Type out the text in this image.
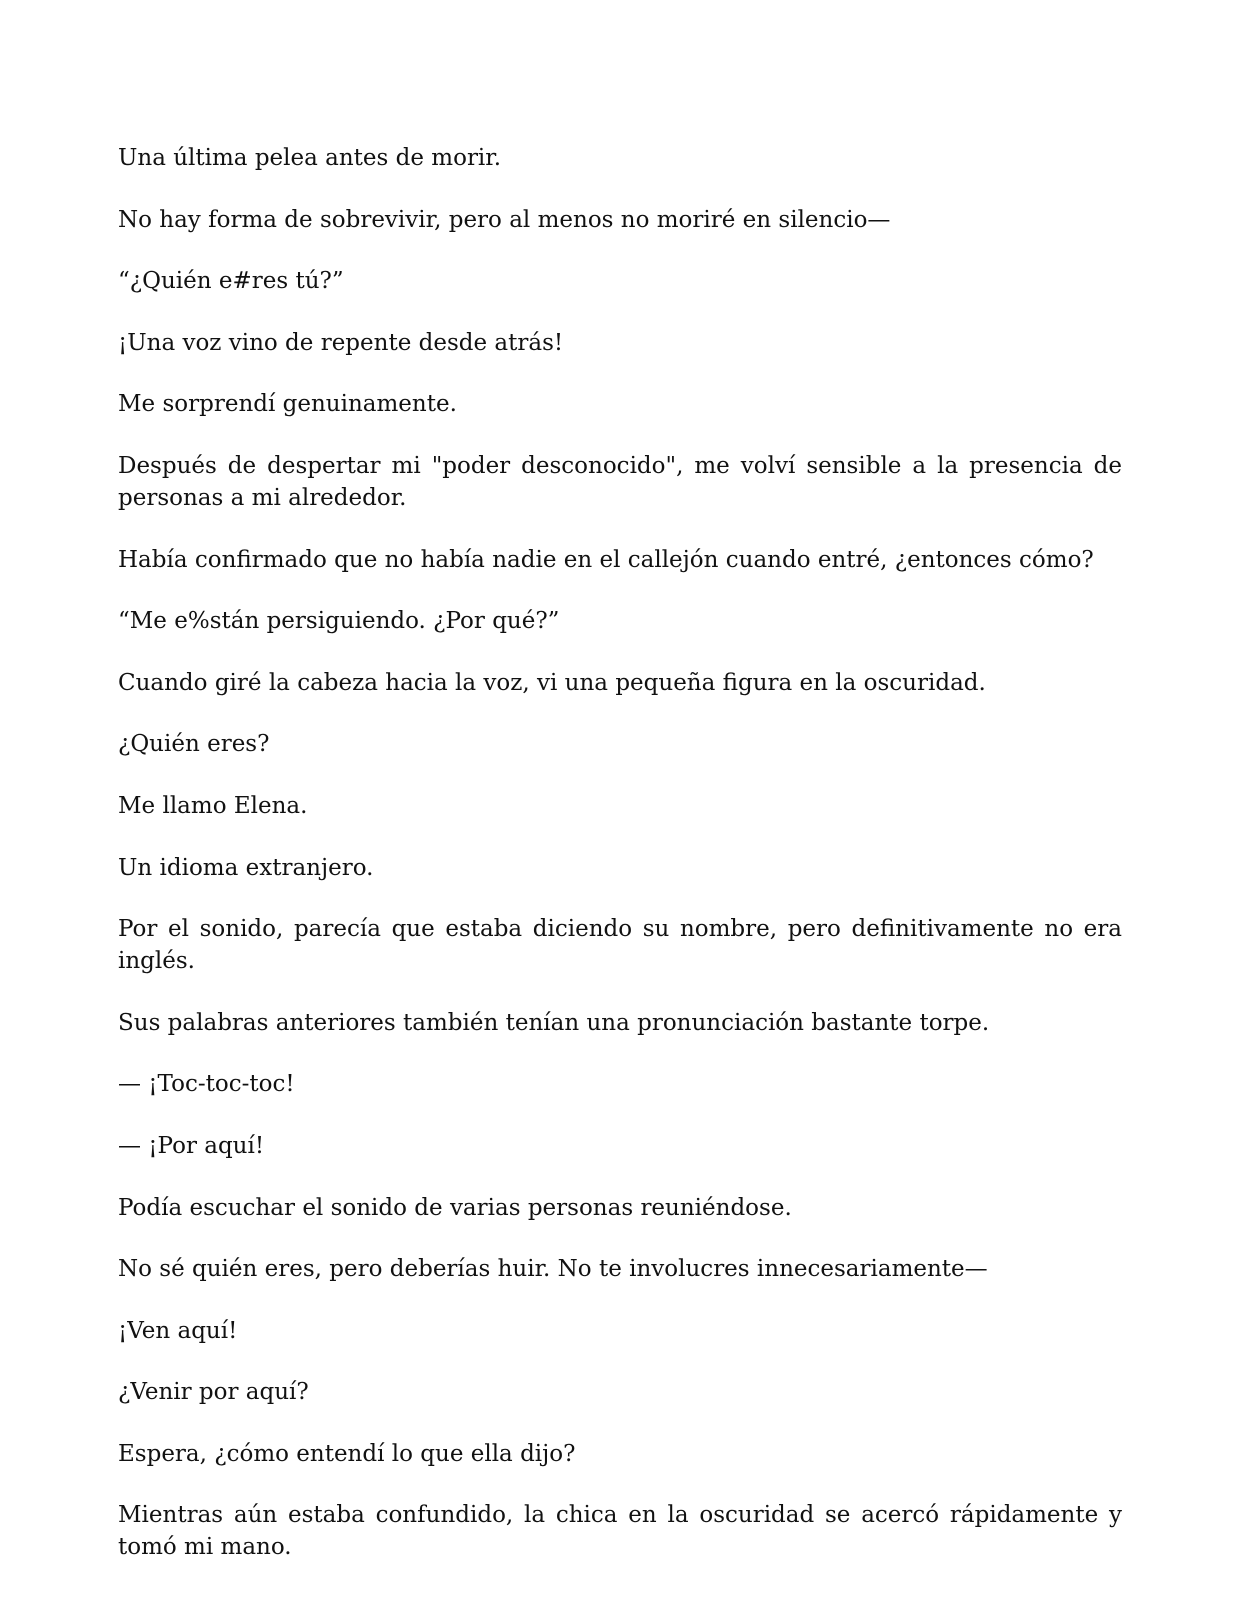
Una última pelea antes de morir.

No hay forma de sobrevivir, pero al menos no moriré en silencio—

“¿Quién e#res tú?”

¡Una voz vino de repente desde atrás!

Me sorprendí genuinamente.

Después de despertar mi "poder desconocido", me volví sensible a la presencia de personas a mi alrededor.

Había confirmado que no había nadie en el callejón cuando entré, ¿entonces cómo?

“Me e%stán persiguiendo. ¿Por qué?”

Cuando giré la cabeza hacia la voz, vi una pequeña figura en la oscuridad.

¿Quién eres?

Me llamo Elena.

Un idioma extranjero.

Por el sonido, parecía que estaba diciendo su nombre, pero definitivamente no era inglés.

Sus palabras anteriores también tenían una pronunciación bastante torpe.

— ¡Toc-toc-toc!

— ¡Por aquí!

Podía escuchar el sonido de varias personas reuniéndose.

No sé quién eres, pero deberías huir. No te involucres innecesariamente—

¡Ven aquí!

¿Venir por aquí?

Espera, ¿cómo entendí lo que ella dijo?

Mientras aún estaba confundido, la chica en la oscuridad se acercó rápidamente y tomó mi mano.
